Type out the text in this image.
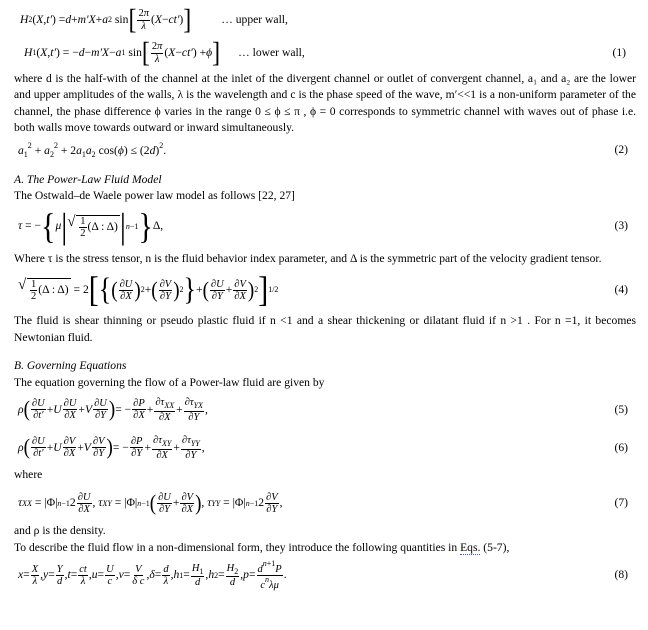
H 2 ( X , t′ ) = d + m′X + a 2 sin [ $\frac{2\pi}{\lambda}$ ( X − ct′ ) ]	… upper wall,
H 1 ( X , t′ ) = − d − m′X − a 1 sin [ $\frac{2\pi}{\lambda}$ ( X − ct′ ) + ϕ ] … lower wall,	(1)
where d is the half-with of the channel at the inlet of the divergent channel or outlet of convergent channel, a₁ and a₂ are the lower and upper amplitudes of the walls, λ is the wavelength and c is the phase speed of the wave, m′<<1 is a non-uniform parameter of the channel, the phase difference ϕ varies in the range 0 ≤ ϕ ≤ π , ϕ = 0 corresponds to symmetric channel with waves out of phase i.e. both walls move towards outward or inward simultaneously.
$a_1^2 + a_2^2 + 2a_1a_2$ $\cos(\phi) \le (2d)^2$.	(2)
A. The Power-Law Fluid Model
The Ostwald–de Waele power law model as follows [22, 27]
τ = − { μ |
√ $\frac{1}{2} (\Delta$ : Δ) | n−1 } Δ,	(3)
Where τ is the stress tensor, n is the fluid behavior index parameter, and Δ is the symmetric part of the velocity gradient tensor.
√ $\frac{1}{2} (\Delta$ : Δ) = 2 [ { ( $\frac{\partial U}{\partial X}$ ) 2 + ( $\frac{\partial V}{\partial Y}$ ) 2 } + ( $\frac{\partial U}{\partial Y} + \frac{\partial V}{\partial X}$ ) 2 ] 1/2	(4)
The fluid is shear thinning or pseudo plastic fluid if n <1 and a shear thickening or dilatant fluid if n >1 . For n =1, it becomes Newtonian fluid.
B. Governing Equations
The equation governing the flow of a Power-law fluid are given by
ρ ( $\frac{\partial U}{\partial t'} + U \frac{\partial U}{\partial X} + V \frac{\partial U}{\partial Y}$ ) = − $\frac{\partial P}{\partial X} + \frac{\partial\tau_{XX}}{\partial X} + \frac{\partial\tau_{YX}}{\partial Y}$ ,	(5)
ρ ( $\frac{\partial U}{\partial t'} + U \frac{\partial V}{\partial X} + V \frac{\partial V}{\partial Y}$ ) = − $\frac{\partial P}{\partial Y} + \frac{\partial\tau_{XY}}{\partial X} + \frac{\partial\tau_{YY}}{\partial Y}$ ,	(6)
where
τ XX = |Φ| n−1 $2 \frac{\partial U}{\partial X}$ , τ XY = |Φ| n−1 ( $\frac{\partial U}{\partial Y} + \frac{\partial V}{\partial X}$ ) , τ YY = |Φ| n−1 $2 \frac{\partial V}{\partial Y}$ ,	(7)
and ρ is the density.
To describe the fluid flow in a non-dimensional form, they introduce the following quantities in Eqs. (5-7),
$x = \frac{X}{\lambda}$ , $y = \frac{Y}{d}$ , $t = \frac{ct}{\lambda}$ , $u = \frac{U}{c}$ , $v = \frac{V}{\text{δ c}}$ , $\delta = \frac{d}{\lambda}$ , h $1 = \frac{H_1}{d}$ , h $2 = \frac{H_2}{d}$ , $p = \frac{d^{n+1}P}{c^n\lambda\mu}$ .	(8)
